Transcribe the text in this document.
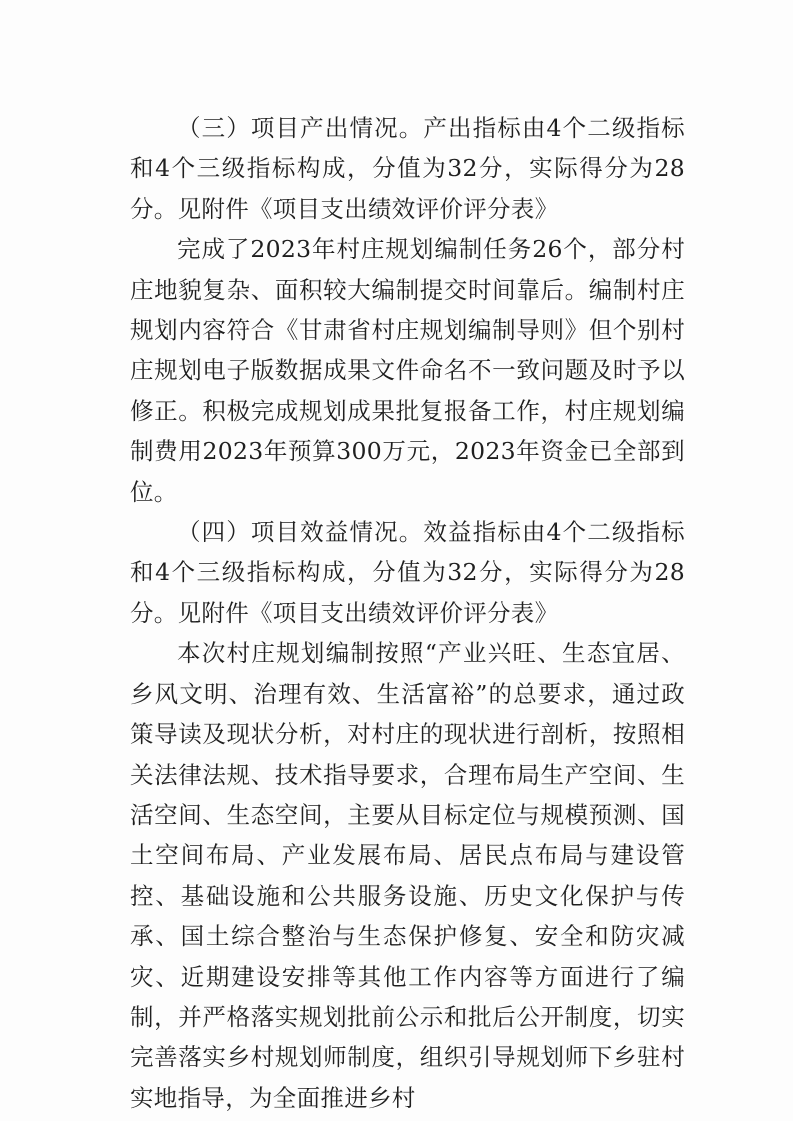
（三）项目产出情况。产出指标由4个二级指标和4个三级指标构成，分值为32分，实际得分为28分。见附件《项目支出绩效评价评分表》

完成了2023年村庄规划编制任务26个，部分村庄地貌复杂、面积较大编制提交时间靠后。编制村庄规划内容符合《甘肃省村庄规划编制导则》但个别村庄规划电子版数据成果文件命名不一致问题及时予以修正。积极完成规划成果批复报备工作，村庄规划编制费用2023年预算300万元，2023年资金已全部到位。

（四）项目效益情况。效益指标由4个二级指标和4个三级指标构成，分值为32分，实际得分为28分。见附件《项目支出绩效评价评分表》

本次村庄规划编制按照“产业兴旺、生态宜居、乡风文明、治理有效、生活富裕”的总要求，通过政策导读及现状分析，对村庄的现状进行剖析，按照相关法律法规、技术指导要求，合理布局生产空间、生活空间、生态空间，主要从目标定位与规模预测、国土空间布局、产业发展布局、居民点布局与建设管控、基础设施和公共服务设施、历史文化保护与传承、国土综合整治与生态保护修复、安全和防灾减灾、近期建设安排等其他工作内容等方面进行了编制，并严格落实规划批前公示和批后公开制度，切实完善落实乡村规划师制度，组织引导规划师下乡驻村实地指导，为全面推进乡村
